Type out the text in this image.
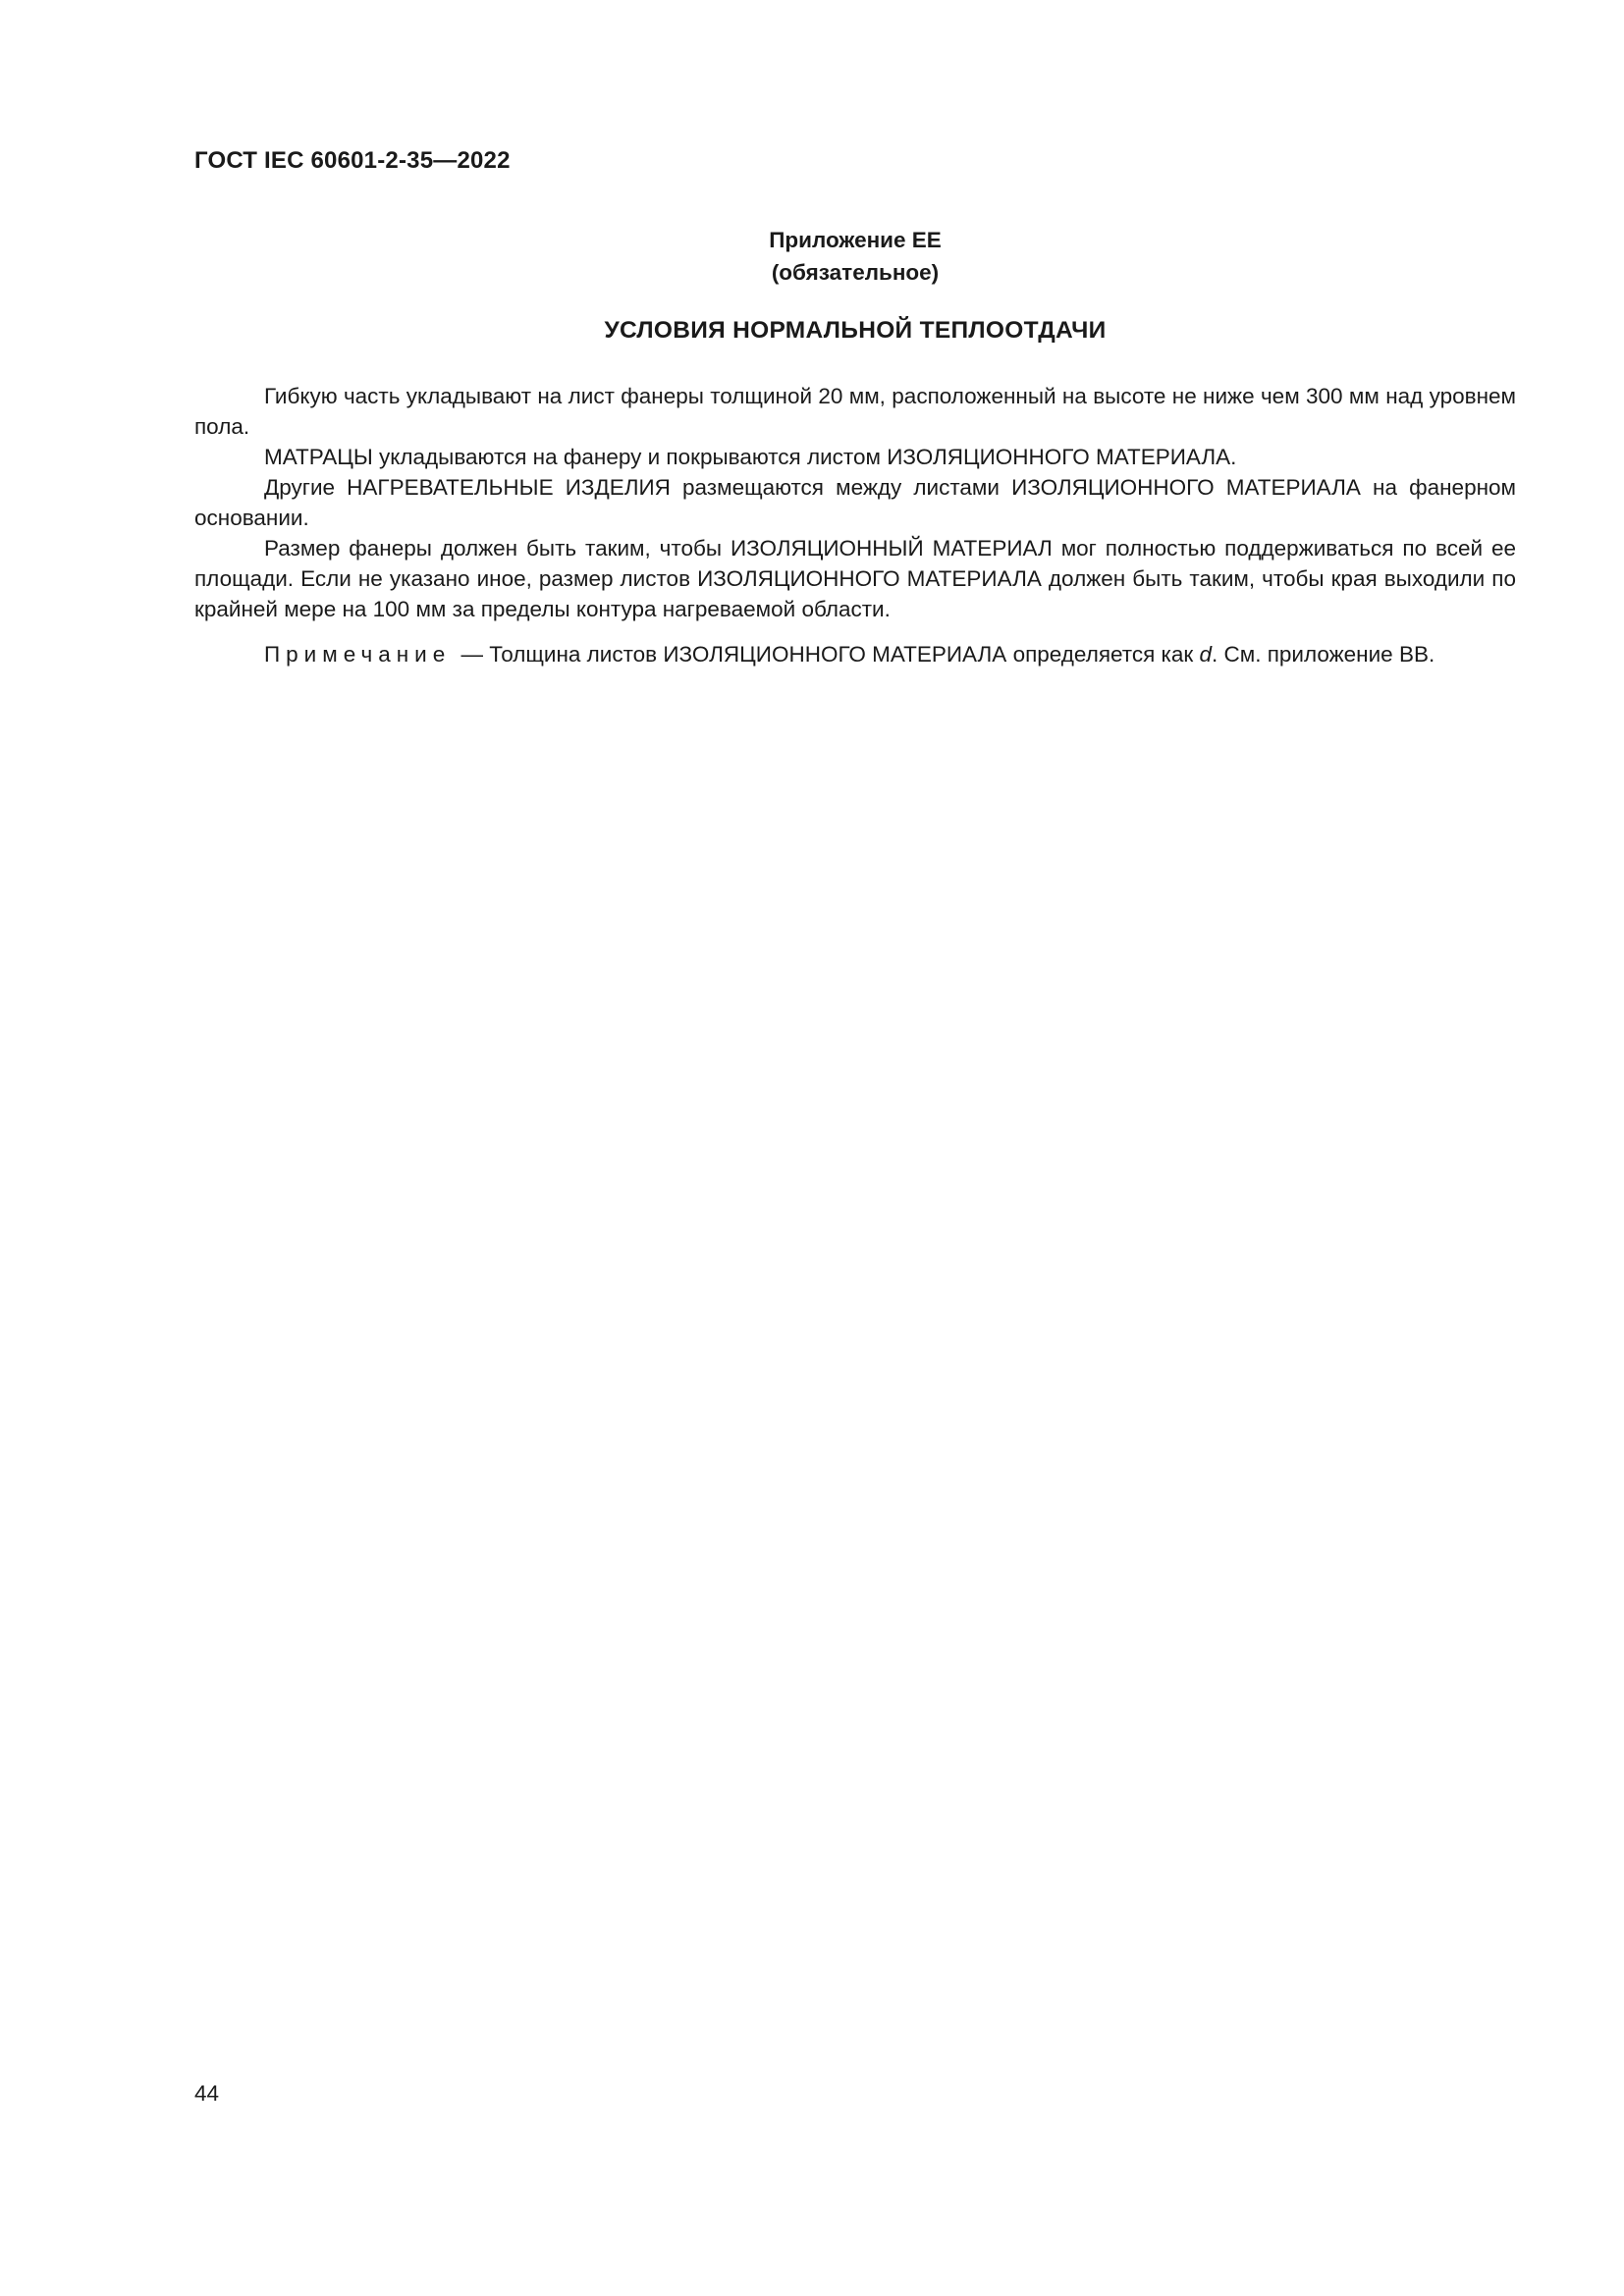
ГОСТ IEC 60601-2-35—2022
Приложение ЕЕ
(обязательное)
УСЛОВИЯ НОРМАЛЬНОЙ ТЕПЛООТДАЧИ

Гибкую часть укладывают на лист фанеры толщиной 20 мм, расположенный на высоте не ниже чем 300 мм над уровнем пола.

МАТРАЦЫ укладываются на фанеру и покрываются листом ИЗОЛЯЦИОННОГО МАТЕРИАЛА.

Другие НАГРЕВАТЕЛЬНЫЕ ИЗДЕЛИЯ размещаются между листами ИЗОЛЯЦИОННОГО МАТЕРИАЛА на фанерном основании.

Размер фанеры должен быть таким, чтобы ИЗОЛЯЦИОННЫЙ МАТЕРИАЛ мог полностью поддерживаться по всей ее площади. Если не указано иное, размер листов ИЗОЛЯЦИОННОГО МАТЕРИАЛА должен быть таким, чтобы края выходили по крайней мере на 100 мм за пределы контура нагреваемой области.

Примечание — Толщина листов ИЗОЛЯЦИОННОГО МАТЕРИАЛА определяется как d. См. приложение ВВ.

44
